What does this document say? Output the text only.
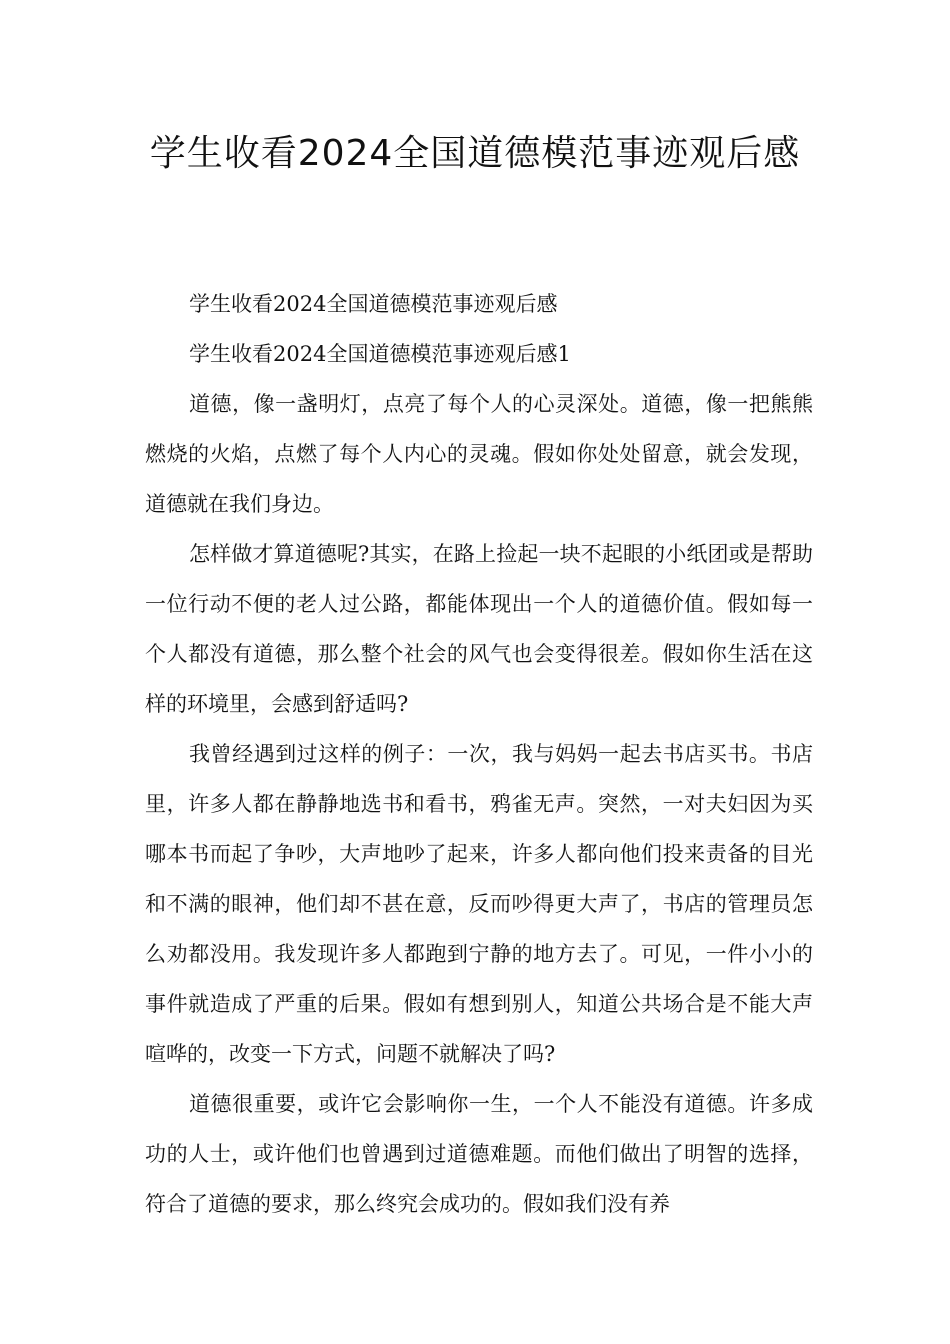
学生收看2024全国道德模范事迹观后感

学生收看2024全国道德模范事迹观后感

学生收看2024全国道德模范事迹观后感1

道德，像一盏明灯，点亮了每个人的心灵深处。道德，像一把熊熊燃烧的火焰，点燃了每个人内心的灵魂。假如你处处留意，就会发现，道德就在我们身边。

怎样做才算道德呢?其实，在路上捡起一块不起眼的小纸团或是帮助一位行动不便的老人过公路，都能体现出一个人的道德价值。假如每一个人都没有道德，那么整个社会的风气也会变得很差。假如你生活在这样的环境里，会感到舒适吗?

我曾经遇到过这样的例子：一次，我与妈妈一起去书店买书。书店里，许多人都在静静地选书和看书，鸦雀无声。突然，一对夫妇因为买哪本书而起了争吵，大声地吵了起来，许多人都向他们投来责备的目光和不满的眼神，他们却不甚在意，反而吵得更大声了，书店的管理员怎么劝都没用。我发现许多人都跑到宁静的地方去了。可见，一件小小的事件就造成了严重的后果。假如有想到别人，知道公共场合是不能大声喧哗的，改变一下方式，问题不就解决了吗?

道德很重要，或许它会影响你一生，一个人不能没有道德。许多成功的人士，或许他们也曾遇到过道德难题。而他们做出了明智的选择，符合了道德的要求，那么终究会成功的。假如我们没有养
